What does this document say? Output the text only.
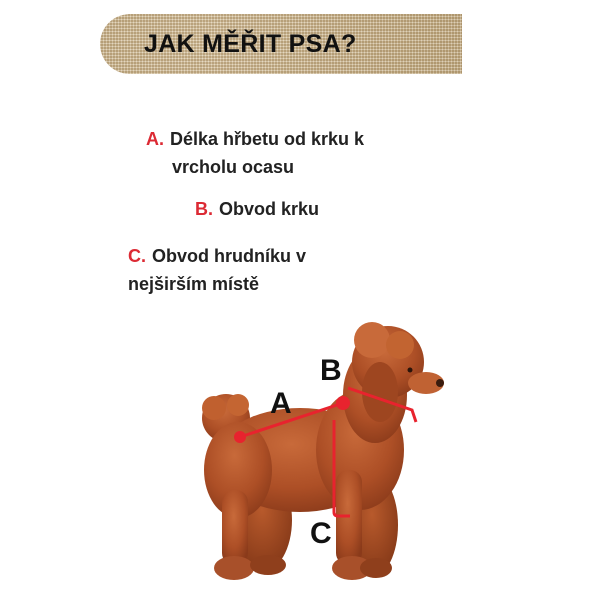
JAK MĚŘIT PSA?
A. Délka hřbetu od krku k
vrcholu ocasu
B. Obvod krku
C. Obvod hrudníku v
nejširším místě
A
B
C
